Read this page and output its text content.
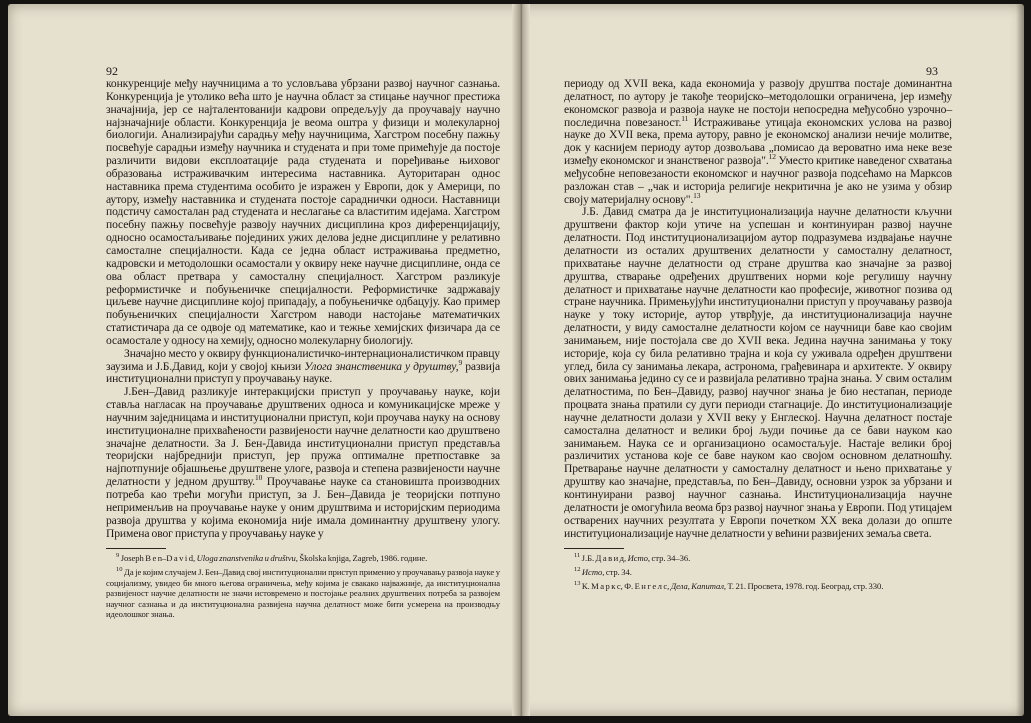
92

конкуренције међу научницима а то условљава убрзани развој научног сазнања. Конкуренција је утолико већа што је научна област за стицање научног престижа значајнија, јер се најталентованији кадрови опредељују да проучавају научно најзначајније области. Конкуренција је веома оштра у физици и молекуларној биологији. Анализирајући сарадњу међу научницима, Хагстром посебну пажњу посвећује сарадњи између научника и студената и при томе примећује да постоје различити видови експлоатације рада студената и поређивање њиховог образовања истраживачким интересима наставника. Ауторитаран однос наставника према студентима особито је изражен у Европи, док у Америци, по аутору, између наставника и студената постоје сараднички односи. Наставници подстичу самосталан рад студената и неслагање са властитим идејама. Хагстром посебну пажњу посвећује развоју научних дисциплина кроз диференцијацију, односно осамостаљивање појединих ужих делова једне дисциплине у релативно самосталне специјалности. Када се једна област истраживања предметно, кадровски и методолошки осамостали у оквиру неке научне дисциплине, онда се ова област претвара у самосталну специјалност. Хагстром разликује реформистичке и побуњеничке специјалности. Реформистичке задржавају циљеве научне дисциплине којој припадају, а побуњеничке одбацују. Као пример побуњеничких специјалности Хагстром наводи настојање математичких статистичара да се одвоје од математике, као и тежње хемијских физичара да се осамостале у односу на хемију, односно молекуларну биологију.

Значајно место у оквиру функционалистичко-интернационалистичком правцу заузима и Ј.Б.Давид, који у својој књизи Улога знанствeника у друштву,$^9$ развија институционални приступ у проучавању науке.

Ј.Бен–Давид разликује интеракцијски приступ у проучавању науке, који ставља нагласак на проучавање друштвених односа и комуникацијске мреже у научним заједницама и институционални приступ, који проучава науку на основу институционалне прихваћености развијености научне делатности као друштвено значајне делатности. За Ј. Бен-Давида институционални приступ представља теоријски најбреднији приступ, јер пружа оптималне претпоставке за најпотпуније објашњење друштвене улоге, развоја и степена развијености научне делатности у једном друштву.$^{10}$ Проучавање науке са становишта производних потреба као трећи могући приступ, за Ј. Бен–Давида је теоријски потпуно неприменљив на проучавање науке у оним друштвима и историјским периодима развоја друштва у којима економија није имала доминантну друштвену улогу. Примена овог приступа у проучавању науке у

$^9$ Joseph B e n–D a v i d, Uloga znanstvenika u društvu, Školska knjiga, Zagreb, 1986. године.

$^{10}$ Да је којим случајем Ј. Бен–Давид свој институционални приступ применио у проучавању развоја науке у социјализму, увидео би много његова ограничења, међу којима је свакако најважније, да институционална развијеност научне делатности не значи истовремено и постојање реалних друштвених потреба за развојем научног сазнања и да институционална развијена научна делатност може бити усмерена на производњу идеолошког знања.

93

периоду од XVII века, када економија у развоју друштва постаје доминантна делатност, по аутору је такође теоријско–методолошки ограничена, јер између економског развоја и развоја науке не постоји непосредна међусобно узрочно–последична повезаност.$^{11}$ Истраживање утицаја економских услова на развој науке до XVII века, према аутору, равно је економској анализи нечије молитве, док у каснијем периоду аутор дозвољава „помисао да вероватно има неке везе између економског и знанственог развоја".$^{12}$ Уместо критике наведеног схватања међусобне неповезаности економског и научног развоја подсећамо на Марксов разложан став – „чак и историја религије некритична је ако не узима у обзир своју материјалну основу".$^{13}$

Ј.Б. Давид сматра да је институционализација научне делатности кључни друштвени фактор који утиче на успешан и континуиран развој научне делатности. Под институционализацијом аутор подразумева издвајање научне делатности из осталих друштвених делатности у самосталну делатност, прихватање научне делатности од стране друштва као значајне за развој друштва, стварање одређених друштвених норми које регулишу научну делатност и прихватање научне делатности као професије, животног позива од стране научника. Примењујући институционални приступ у проучавању развоја науке у току историје, аутор утврђује, да институционализација научне делатности, у виду самосталне делатности којом се научници баве као својим занимањем, није постојала све до XVII века. Једина научна занимања у току историје, која су била релативно трајна и која су уживала одређен друштвени углед, била су занимања лекара, астронома, грађевинара и архитекте. У оквиру ових занимања једино су се и развијала релативно трајна знања. У свим осталим делатностима, по Бен–Давиду, развој научног знања је био нестапан, периоде процвата знања пратили су дуги периоди стагнације. До институционализације научне делатности долази у XVII веку у Енглеској. Научна делатност постаје самостална делатност и велики број људи почиње да се бави науком као занимањем. Наука се и организационо осамостаљује. Настаје велики број различитих установа које се баве науком као својом основном делатношћу. Претварање научне делатности у самосталну делатност и њено прихватање у друштву као значајне, представља, по Бен–Давиду, основни узрок за убрзани и континуирани развој научног сазнања. Институционализација научне делатности је омогућила веома брз развој научног знања у Европи. Под утицајем остварених научних резултата у Европи почетком XX века долази до опште институционализације научне делатности у већини развијених земаља света.

$^{11}$ Ј.Б. Д а в и д, Исто, стр. 34–36.

$^{12}$ Исто, стр. 34.

$^{13}$ К. М а р к с, Ф. Е н г е л с, Дела, Капитал, Т. 21. Просвета, 1978. год. Београд, стр. 330.
